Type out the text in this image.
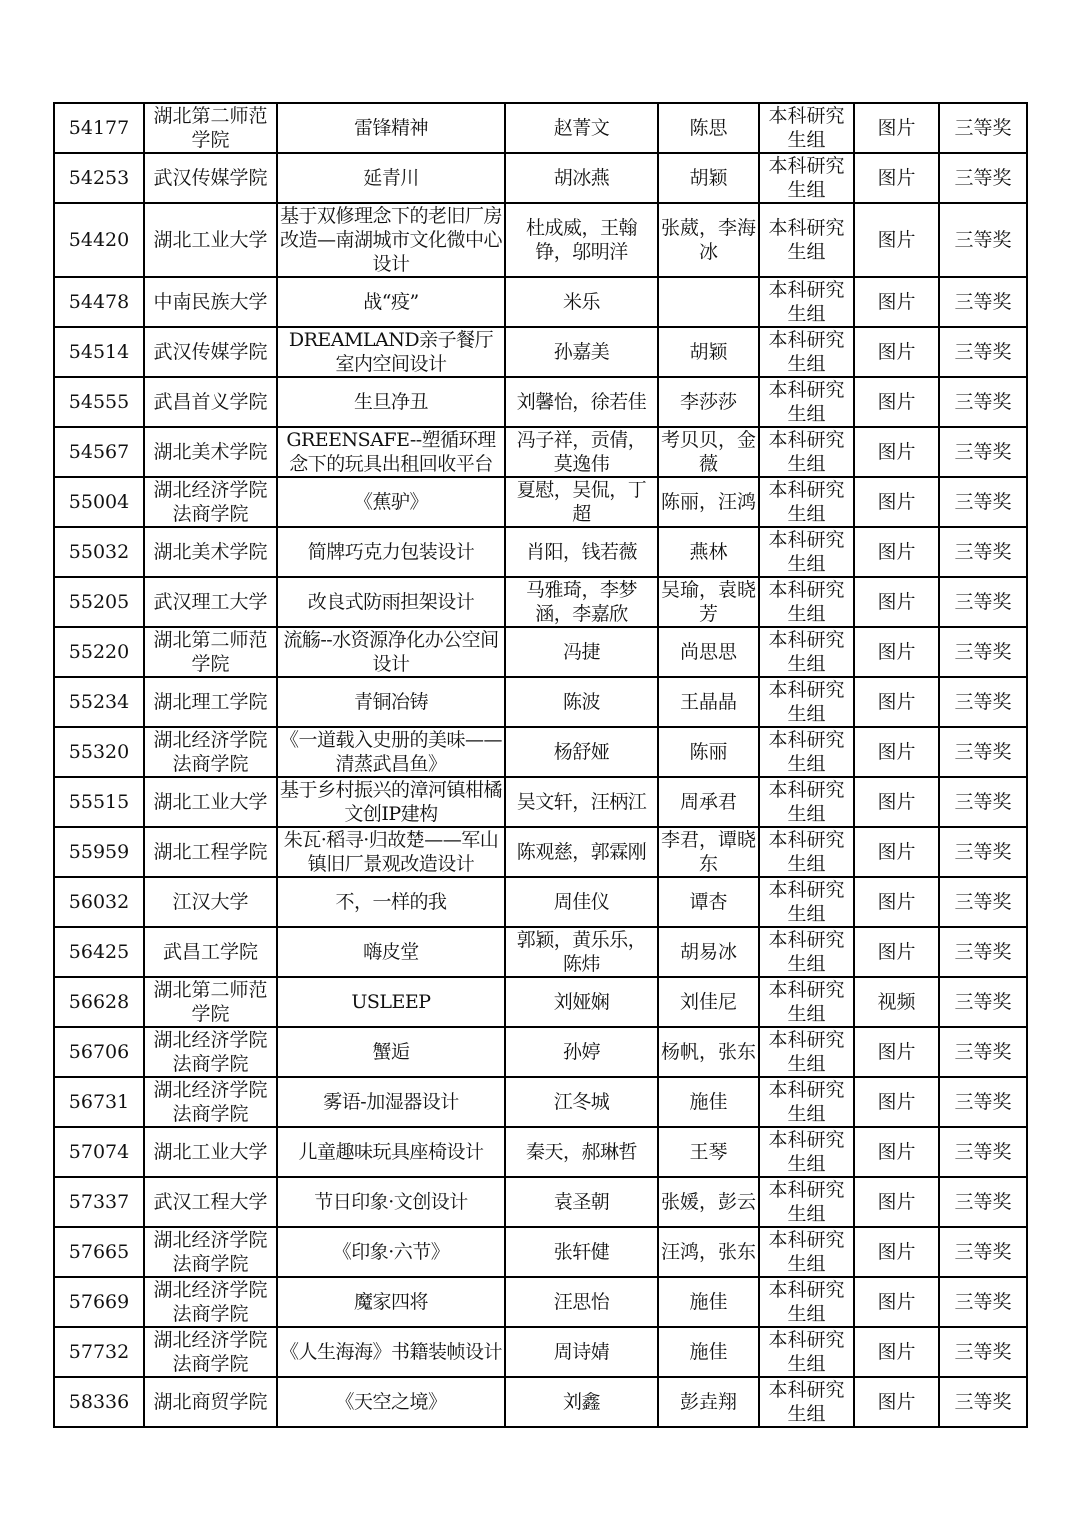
54177	湖北第二师范学院	雷锋精神	赵菁文	陈思	本科研究生组	图片	三等奖
54253	武汉传媒学院	延青川	胡冰燕	胡颖	本科研究生组	图片	三等奖
54420	湖北工业大学	基于双修理念下的老旧厂房改造—南湖城市文化微中心设计	杜成威，王翰铮，邬明洋	张葳，李海冰	本科研究生组	图片	三等奖
54478	中南民族大学	战“疫”	米乐		本科研究生组	图片	三等奖
54514	武汉传媒学院	DREAMLAND亲子餐厅室内空间设计	孙嘉美	胡颖	本科研究生组	图片	三等奖
54555	武昌首义学院	生旦净丑	刘馨怡，徐若佳	李莎莎	本科研究生组	图片	三等奖
54567	湖北美术学院	GREENSAFE--塑循环理念下的玩具出租回收平台	冯子祥，贡倩，莫逸伟	考贝贝，金薇	本科研究生组	图片	三等奖
55004	湖北经济学院法商学院	《蕉驴》	夏慰，吴侃，丁超	陈丽，汪鸿	本科研究生组	图片	三等奖
55032	湖北美术学院	简牌巧克力包装设计	肖阳，钱若薇	燕林	本科研究生组	图片	三等奖
55205	武汉理工大学	改良式防雨担架设计	马雅琦，李梦涵，李嘉欣	吴瑜，袁晓芳	本科研究生组	图片	三等奖
55220	湖北第二师范学院	流觞--水资源净化办公空间设计	冯捷	尚思思	本科研究生组	图片	三等奖
55234	湖北理工学院	青铜冶铸	陈波	王晶晶	本科研究生组	图片	三等奖
55320	湖北经济学院法商学院	《一道载入史册的美味——清蒸武昌鱼》	杨舒娅	陈丽	本科研究生组	图片	三等奖
55515	湖北工业大学	基于乡村振兴的漳河镇柑橘文创IP建构	吴文轩，汪柄江	周承君	本科研究生组	图片	三等奖
55959	湖北工程学院	朱瓦·稻寻·归故楚——军山镇旧厂景观改造设计	陈观慈，郭霖刚	李君，谭晓东	本科研究生组	图片	三等奖
56032	江汉大学	不，一样的我	周佳仪	谭杏	本科研究生组	图片	三等奖
56425	武昌工学院	嗨皮堂	郭颖，黄乐乐，陈炜	胡易冰	本科研究生组	图片	三等奖
56628	湖北第二师范学院	USLEEP	刘娅娴	刘佳尼	本科研究生组	视频	三等奖
56706	湖北经济学院法商学院	蟹逅	孙婷	杨帆，张东	本科研究生组	图片	三等奖
56731	湖北经济学院法商学院	雾语-加湿器设计	江冬城	施佳	本科研究生组	图片	三等奖
57074	湖北工业大学	儿童趣味玩具座椅设计	秦天，郝琳哲	王琴	本科研究生组	图片	三等奖
57337	武汉工程大学	节日印象·文创设计	袁圣朝	张媛，彭云	本科研究生组	图片	三等奖
57665	湖北经济学院法商学院	《印象·六节》	张轩健	汪鸿，张东	本科研究生组	图片	三等奖
57669	湖北经济学院法商学院	魔家四将	汪思怡	施佳	本科研究生组	图片	三等奖
57732	湖北经济学院法商学院	《人生海海》书籍装帧设计	周诗婧	施佳	本科研究生组	图片	三等奖
58336	湖北商贸学院	《天空之境》	刘鑫	彭垚翔	本科研究生组	图片	三等奖
